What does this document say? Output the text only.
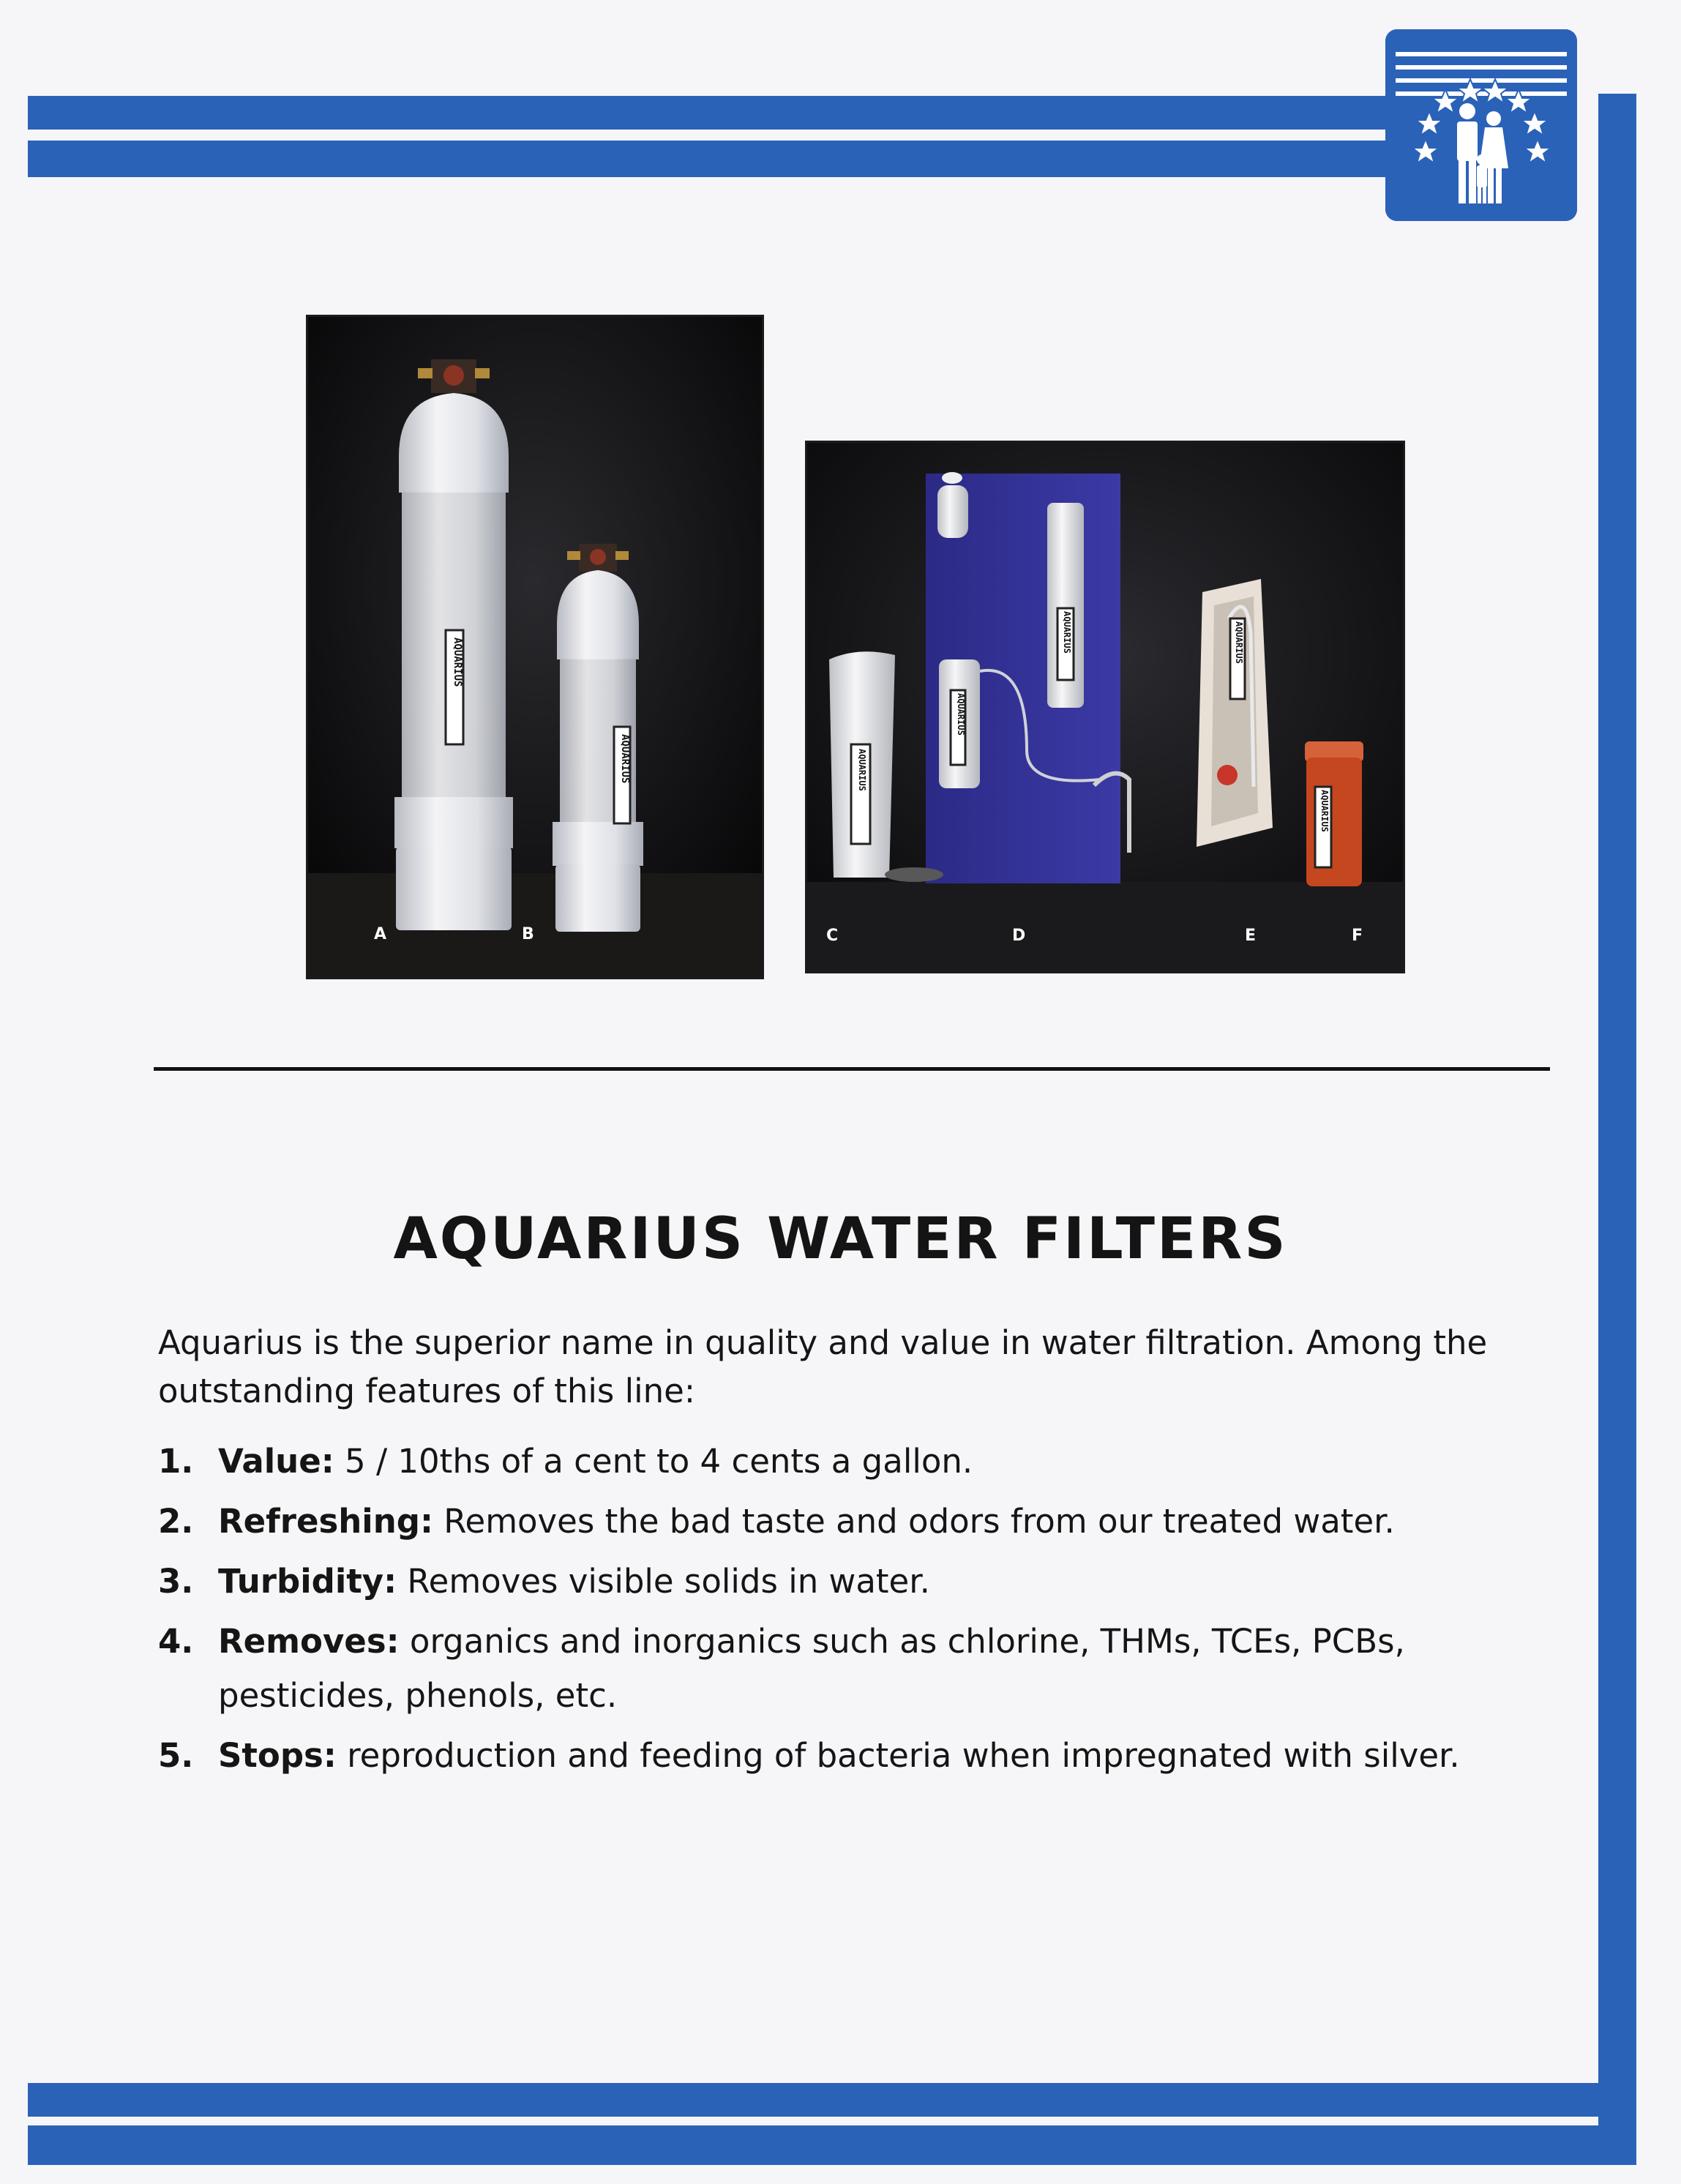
AQUARIUS
AQUARIUS
A	B
AQUARIUS
AQUARIUS
AQUARIUS	AQUARIUS
AQUARIUS
C	D	E	F
AQUARIUS WATER FILTERS
Aquarius is the superior name in quality and value in water filtration. Among the outstanding features of this line:
1. Value: 5 / 10ths of a cent to 4 cents a gallon.
2. Refreshing: Removes the bad taste and odors from our treated water.
3. Turbidity: Removes visible solids in water.
4. Removes: organics and inorganics such as chlorine, THMs, TCEs, PCBs, pesticides, phenols, etc.
5. Stops: reproduction and feeding of bacteria when impregnated with silver.
